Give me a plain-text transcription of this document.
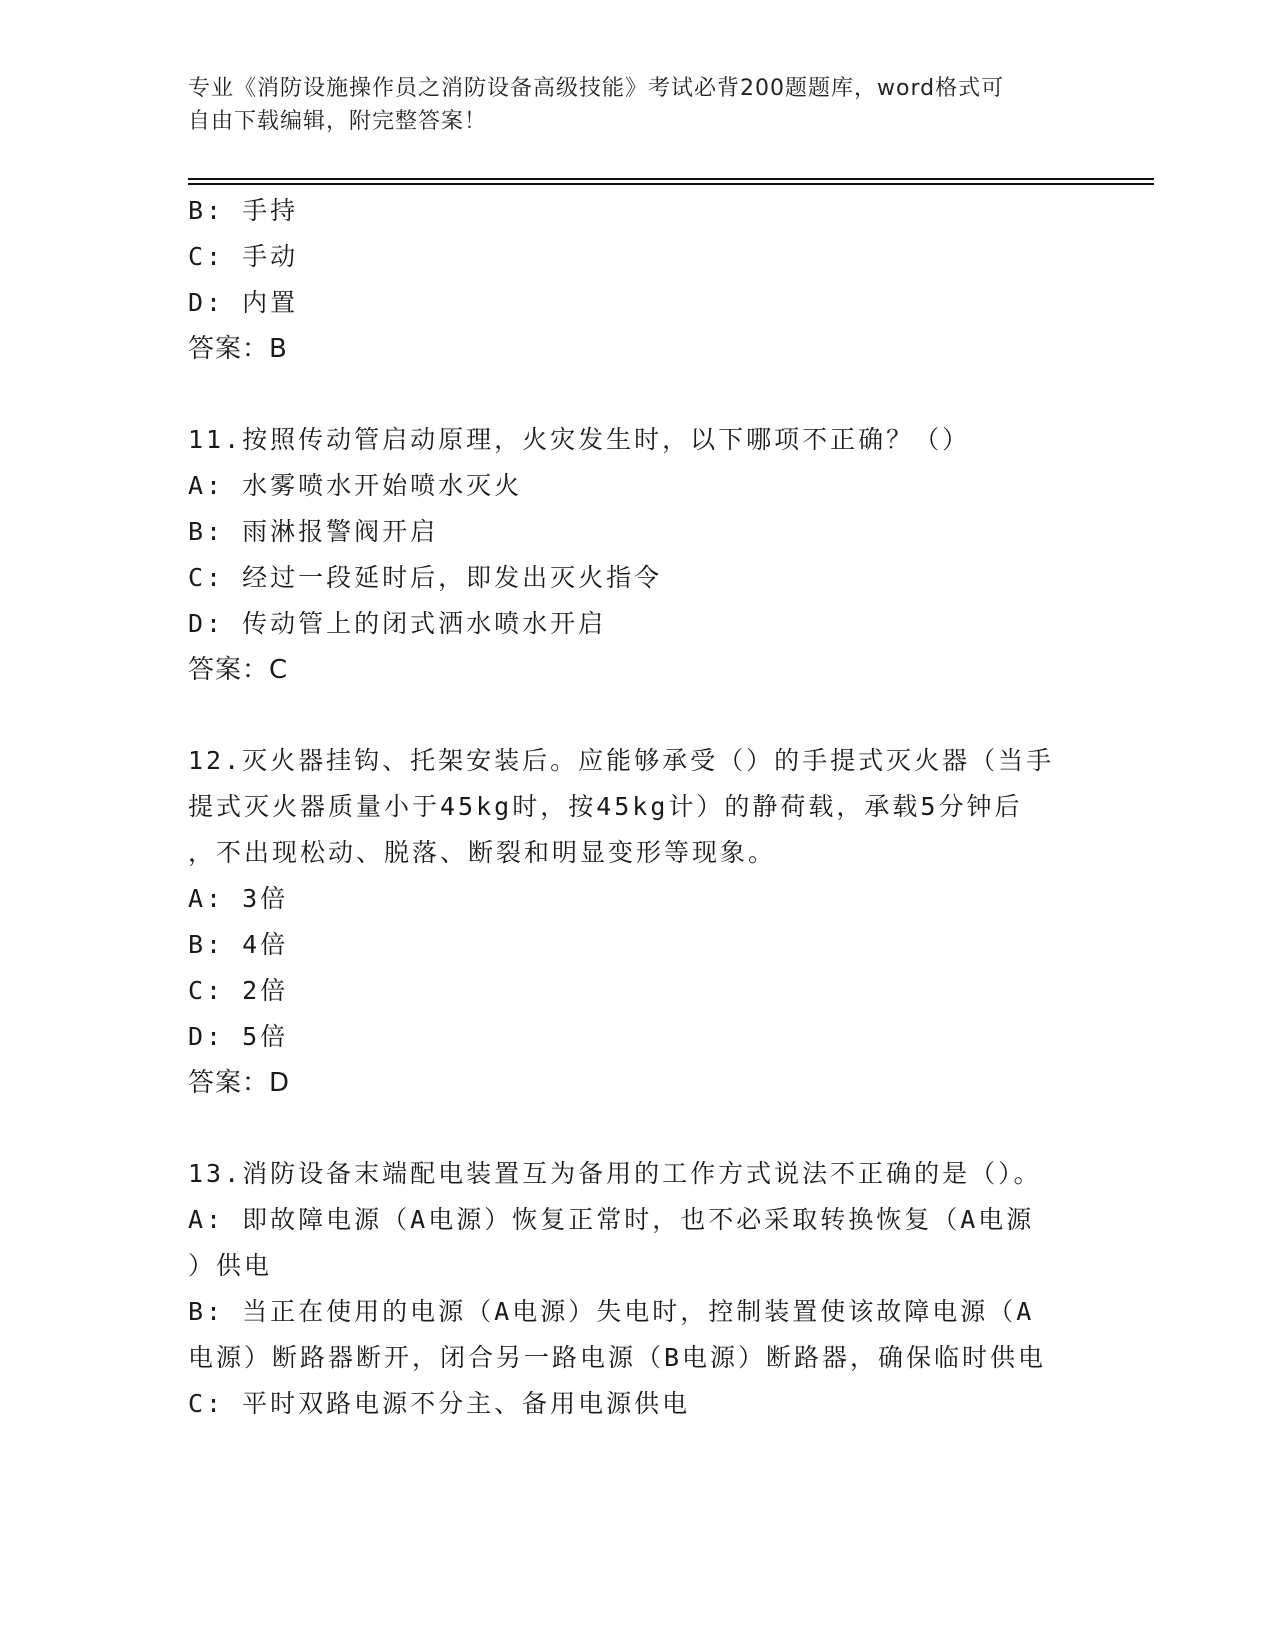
专业《消防设施操作员之消防设备高级技能》考试必背200题题库，word格式可
自由下载编辑，附完整答案！
B: 手持
C: 手动
D: 内置
答案：B
11.按照传动管启动原理，火灾发生时，以下哪项不正确？（）
A: 水雾喷水开始喷水灭火
B: 雨淋报警阀开启
C: 经过一段延时后，即发出灭火指令
D: 传动管上的闭式洒水喷水开启
答案：C
12.灭火器挂钩、托架安装后。应能够承受（）的手提式灭火器（当手
提式灭火器质量小于45kg时，按45kg计）的静荷载，承载5分钟后
，不出现松动、脱落、断裂和明显变形等现象。
A: 3倍
B: 4倍
C: 2倍
D: 5倍
答案：D
13.消防设备末端配电装置互为备用的工作方式说法不正确的是（）。
A: 即故障电源（A电源）恢复正常时，也不必采取转换恢复（A电源
）供电
B: 当正在使用的电源（A电源）失电时，控制装置使该故障电源（A
电源）断路器断开，闭合另一路电源（B电源）断路器，确保临时供电
C: 平时双路电源不分主、备用电源供电
